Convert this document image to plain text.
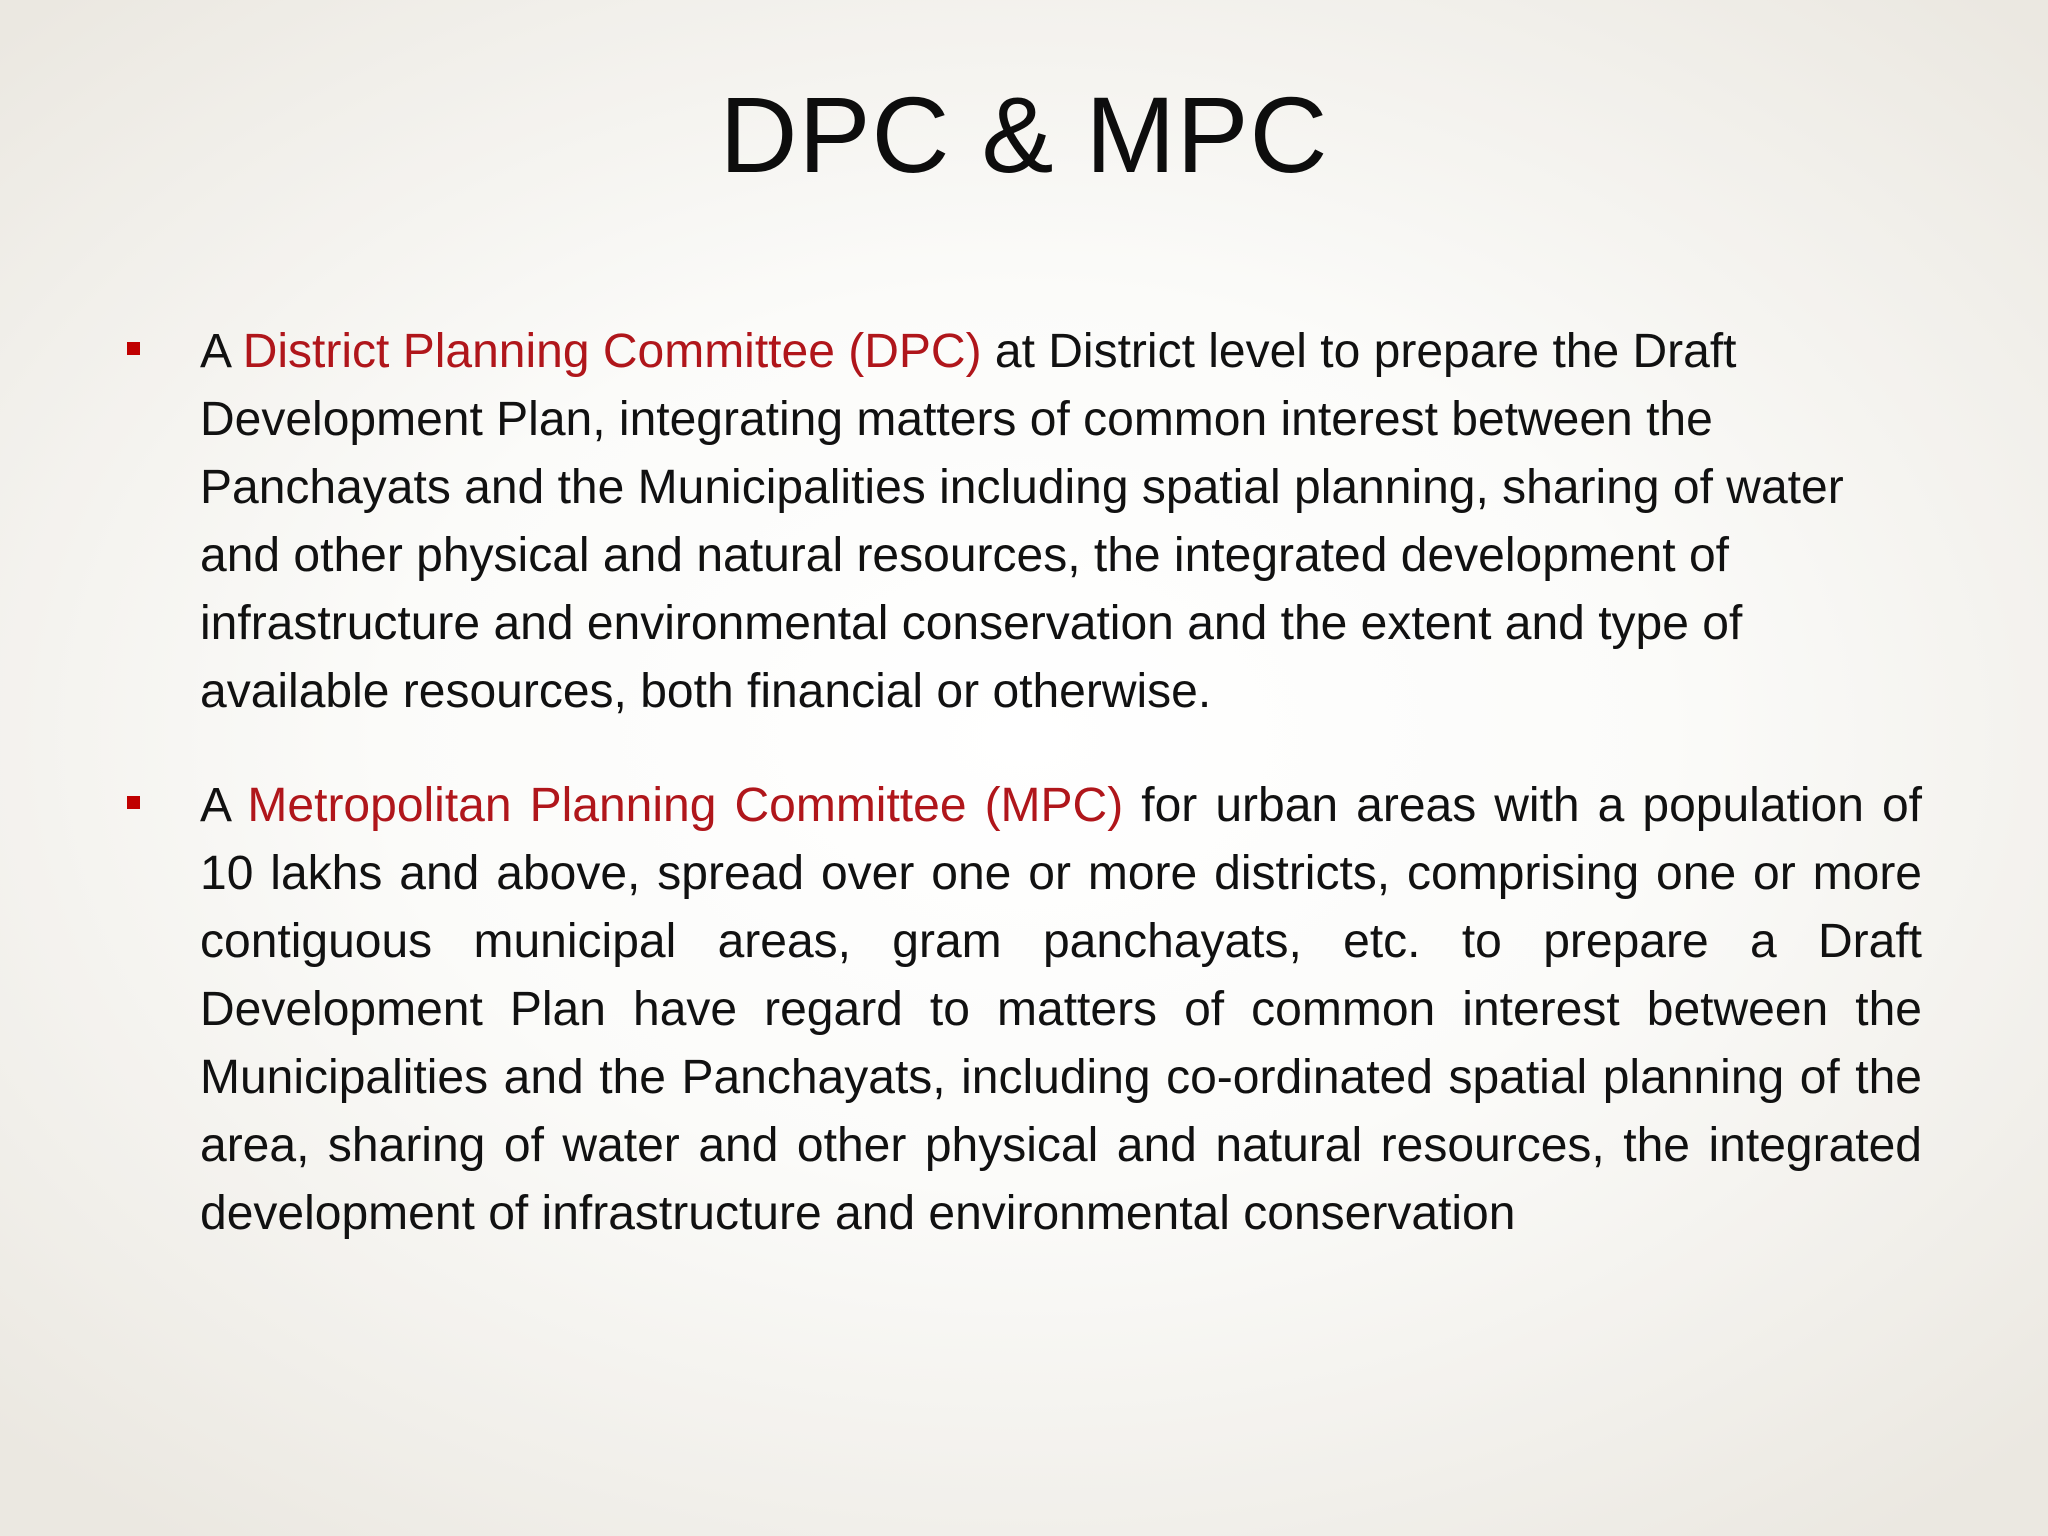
DPC & MPC
A District Planning Committee (DPC) at District level to prepare the Draft Development Plan, integrating matters of common interest between the Panchayats and the Municipalities including spatial planning, sharing of water and other physical and natural resources, the integrated development of infrastructure and environmental conservation and the extent and type of available resources, both financial or otherwise.
A Metropolitan Planning Committee (MPC) for urban areas with a population of 10 lakhs and above, spread over one or more districts, comprising one or more contiguous municipal areas, gram panchayats, etc. to prepare a Draft Development Plan have regard to matters of common interest between the Municipalities and the Panchayats, including co-ordinated spatial planning of the area, sharing of water and other physical and natural resources, the integrated development of infrastructure and environmental conservation
